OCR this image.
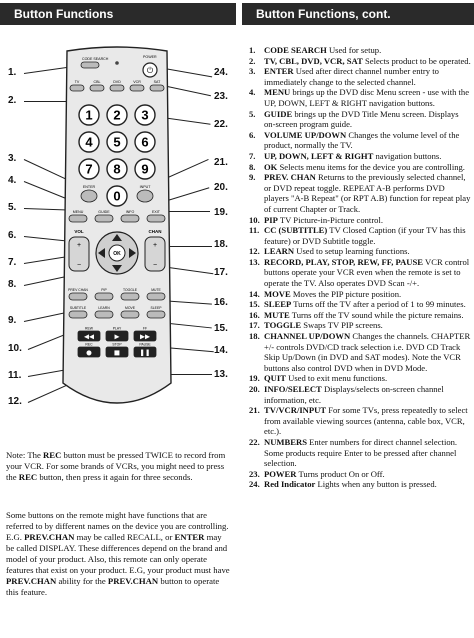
Button Functions	Button Functions, cont.
1.
2.
3.
4.
5.
6.
7.
8.
9.
10.
11.
12.
24.
23.
22.
21.
20.
19.
18.
17.
16.
15.
14.
13.
CODE SEARCH	POWER
⏻
TV	CBL	DVD	VCR	SAT
1 2 3
4 5 6
7 8 9
0
ENTER	INPUT
MENU	GUIDE	INFO	EXIT
VOL
+
−
CHAN
+
−
OK
PREV CHAN	PIP	TOGGLE	MUTE
SUBTITLE	LEARN	MOVE	SLEEP
REW
◀◀
PLAY
▶
FF
▶▶
REC
●
STOP
■
PAUSE
❚❚
Note: The REC button must be pressed TWICE to record from your VCR. For some brands of VCRs, you might need to press the REC button, then press it again for three seconds.
Some buttons on the remote might have functions that are referred to by different names on the device you are controlling. E.G. PREV.CHAN may be called RECALL, or ENTER may be called DISPLAY. These differences depend on the brand and model of your product. Also, this remote can only operate features that exist on your product. E.G, your product must have PREV.CHAN ability for the PREV.CHAN button to operate this feature.
1. CODE SEARCH Used for setup.
2. TV, CBL, DVD, VCR, SAT Selects product to be operated.
3. ENTER Used after direct channel number entry to immediately change to the selected channel.
4. MENU brings up the DVD disc Menu screen - use with the UP, DOWN, LEFT & RIGHT navigation buttons.
5. GUIDE brings up the DVD Title Menu screen. Displays on-screen program guide.
6. VOLUME UP/DOWN Changes the volume level of the product, normally the TV.
7. UP, DOWN, LEFT & RIGHT navigation buttons.
8. OK Selects menu items for the device you are controlling.
9. PREV. CHAN Returns to the previously selected channel, or DVD repeat toggle. REPEAT A-B performs DVD players "A-B Repeat" (or RPT A.B) function for repeat play of current Chapter or Track.
10. PIP TV Picture-in-Picture control.
11. CC (SUBTITLE) TV Closed Caption (if your TV has this feature) or DVD Subtitle toggle.
12. LEARN Used to setup learning functions.
13. RECORD, PLAY, STOP, REW, FF, PAUSE VCR control buttons operate your VCR even when the remote is set to operate the TV. Also operates DVD Scan -/+.
14. MOVE Moves the PIP picture position.
15. SLEEP Turns off the TV after a period of 1 to 99 minutes.
16. MUTE Turns off the TV sound while the picture remains.
17. TOGGLE Swaps TV PIP screens.
18. CHANNEL UP/DOWN Changes the channels. CHAPTER +/- controls DVD/CD track selection i.e. DVD CD Track Skip Up/Down (in DVD and SAT modes). Note the VCR buttons also control DVD when in DVD Mode.
19. QUIT Used to exit menu functions.
20. INFO/SELECT Displays/selects on-screen channel information, etc.
21. TV/VCR/INPUT For some TVs, press repeatedly to select from available viewing sources (antenna, cable box, VCR, etc.).
22. NUMBERS Enter numbers for direct channel selection. Some products require Enter to be pressed after channel selection.
23. POWER Turns product On or Off.
24. Red Indicator Lights when any button is pressed.
